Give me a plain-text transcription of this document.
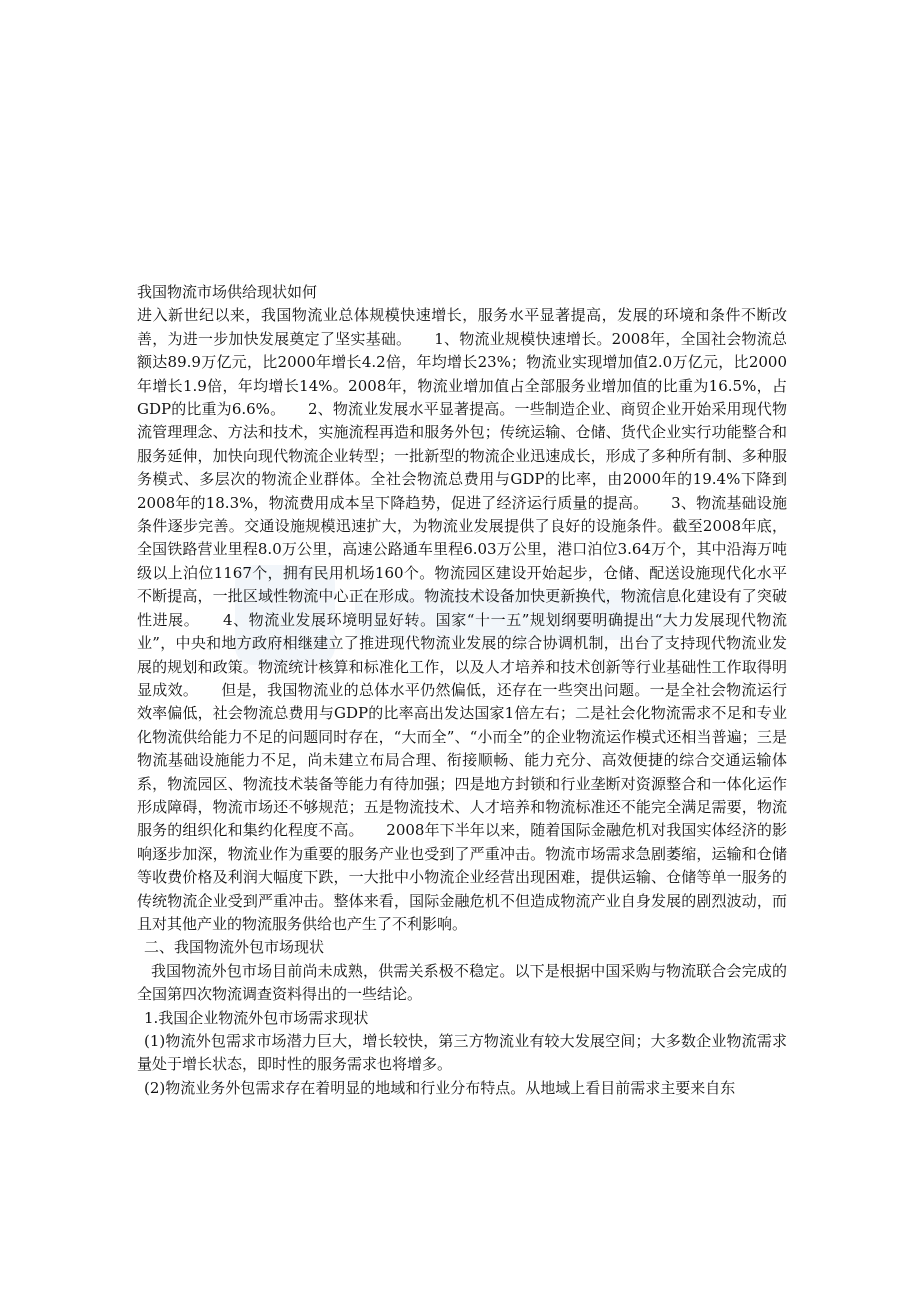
我国物流市场供给现状如何

进入新世纪以来，我国物流业总体规模快速增长，服务水平显著提高，发展的环境和条件不断改善，为进一步加快发展奠定了坚实基础。　　1、物流业规模快速增长。2008年，全国社会物流总额达89.9万亿元，比2000年增长4.2倍，年均增长23%；物流业实现增加值2.0万亿元，比2000年增长1.9倍，年均增长14%。2008年，物流业增加值占全部服务业增加值的比重为16.5%，占GDP的比重为6.6%。　　2、物流业发展水平显著提高。一些制造企业、商贸企业开始采用现代物流管理理念、方法和技术，实施流程再造和服务外包；传统运输、仓储、货代企业实行功能整合和服务延伸，加快向现代物流企业转型；一批新型的物流企业迅速成长，形成了多种所有制、多种服务模式、多层次的物流企业群体。全社会物流总费用与GDP的比率，由2000年的19.4%下降到2008年的18.3%，物流费用成本呈下降趋势，促进了经济运行质量的提高。　　3、物流基础设施条件逐步完善。交通设施规模迅速扩大，为物流业发展提供了良好的设施条件。截至2008年底，全国铁路营业里程8.0万公里，高速公路通车里程6.03万公里，港口泊位3.64万个，其中沿海万吨级以上泊位1167个，拥有民用机场160个。物流园区建设开始起步，仓储、配送设施现代化水平不断提高，一批区域性物流中心正在形成。物流技术设备加快更新换代，物流信息化建设有了突破性进展。　　4、物流业发展环境明显好转。国家“十一五”规划纲要明确提出“大力发展现代物流业”，中央和地方政府相继建立了推进现代物流业发展的综合协调机制，出台了支持现代物流业发展的规划和政策。物流统计核算和标准化工作，以及人才培养和技术创新等行业基础性工作取得明显成效。　　但是，我国物流业的总体水平仍然偏低，还存在一些突出问题。一是全社会物流运行效率偏低，社会物流总费用与GDP的比率高出发达国家1倍左右；二是社会化物流需求不足和专业化物流供给能力不足的问题同时存在，“大而全”、“小而全”的企业物流运作模式还相当普遍；三是物流基础设施能力不足，尚未建立布局合理、衔接顺畅、能力充分、高效便捷的综合交通运输体系，物流园区、物流技术装备等能力有待加强；四是地方封锁和行业垄断对资源整合和一体化运作形成障碍，物流市场还不够规范；五是物流技术、人才培养和物流标准还不能完全满足需要，物流服务的组织化和集约化程度不高。　　2008年下半年以来，随着国际金融危机对我国实体经济的影响逐步加深，物流业作为重要的服务产业也受到了严重冲击。物流市场需求急剧萎缩，运输和仓储等收费价格及利润大幅度下跌，一大批中小物流企业经营出现困难，提供运输、仓储等单一服务的传统物流企业受到严重冲击。整体来看，国际金融危机不但造成物流产业自身发展的剧烈波动，而且对其他产业的物流服务供给也产生了不利影响。

二、我国物流外包市场现状

我国物流外包市场目前尚未成熟，供需关系极不稳定。以下是根据中国采购与物流联合会完成的全国第四次物流调查资料得出的一些结论。

1.我国企业物流外包市场需求现状

(1)物流外包需求市场潜力巨大，增长较快，第三方物流业有较大发展空间；大多数企业物流需求量处于增长状态，即时性的服务需求也将增多。

(2)物流业务外包需求存在着明显的地域和行业分布特点。从地域上看目前需求主要来自东
